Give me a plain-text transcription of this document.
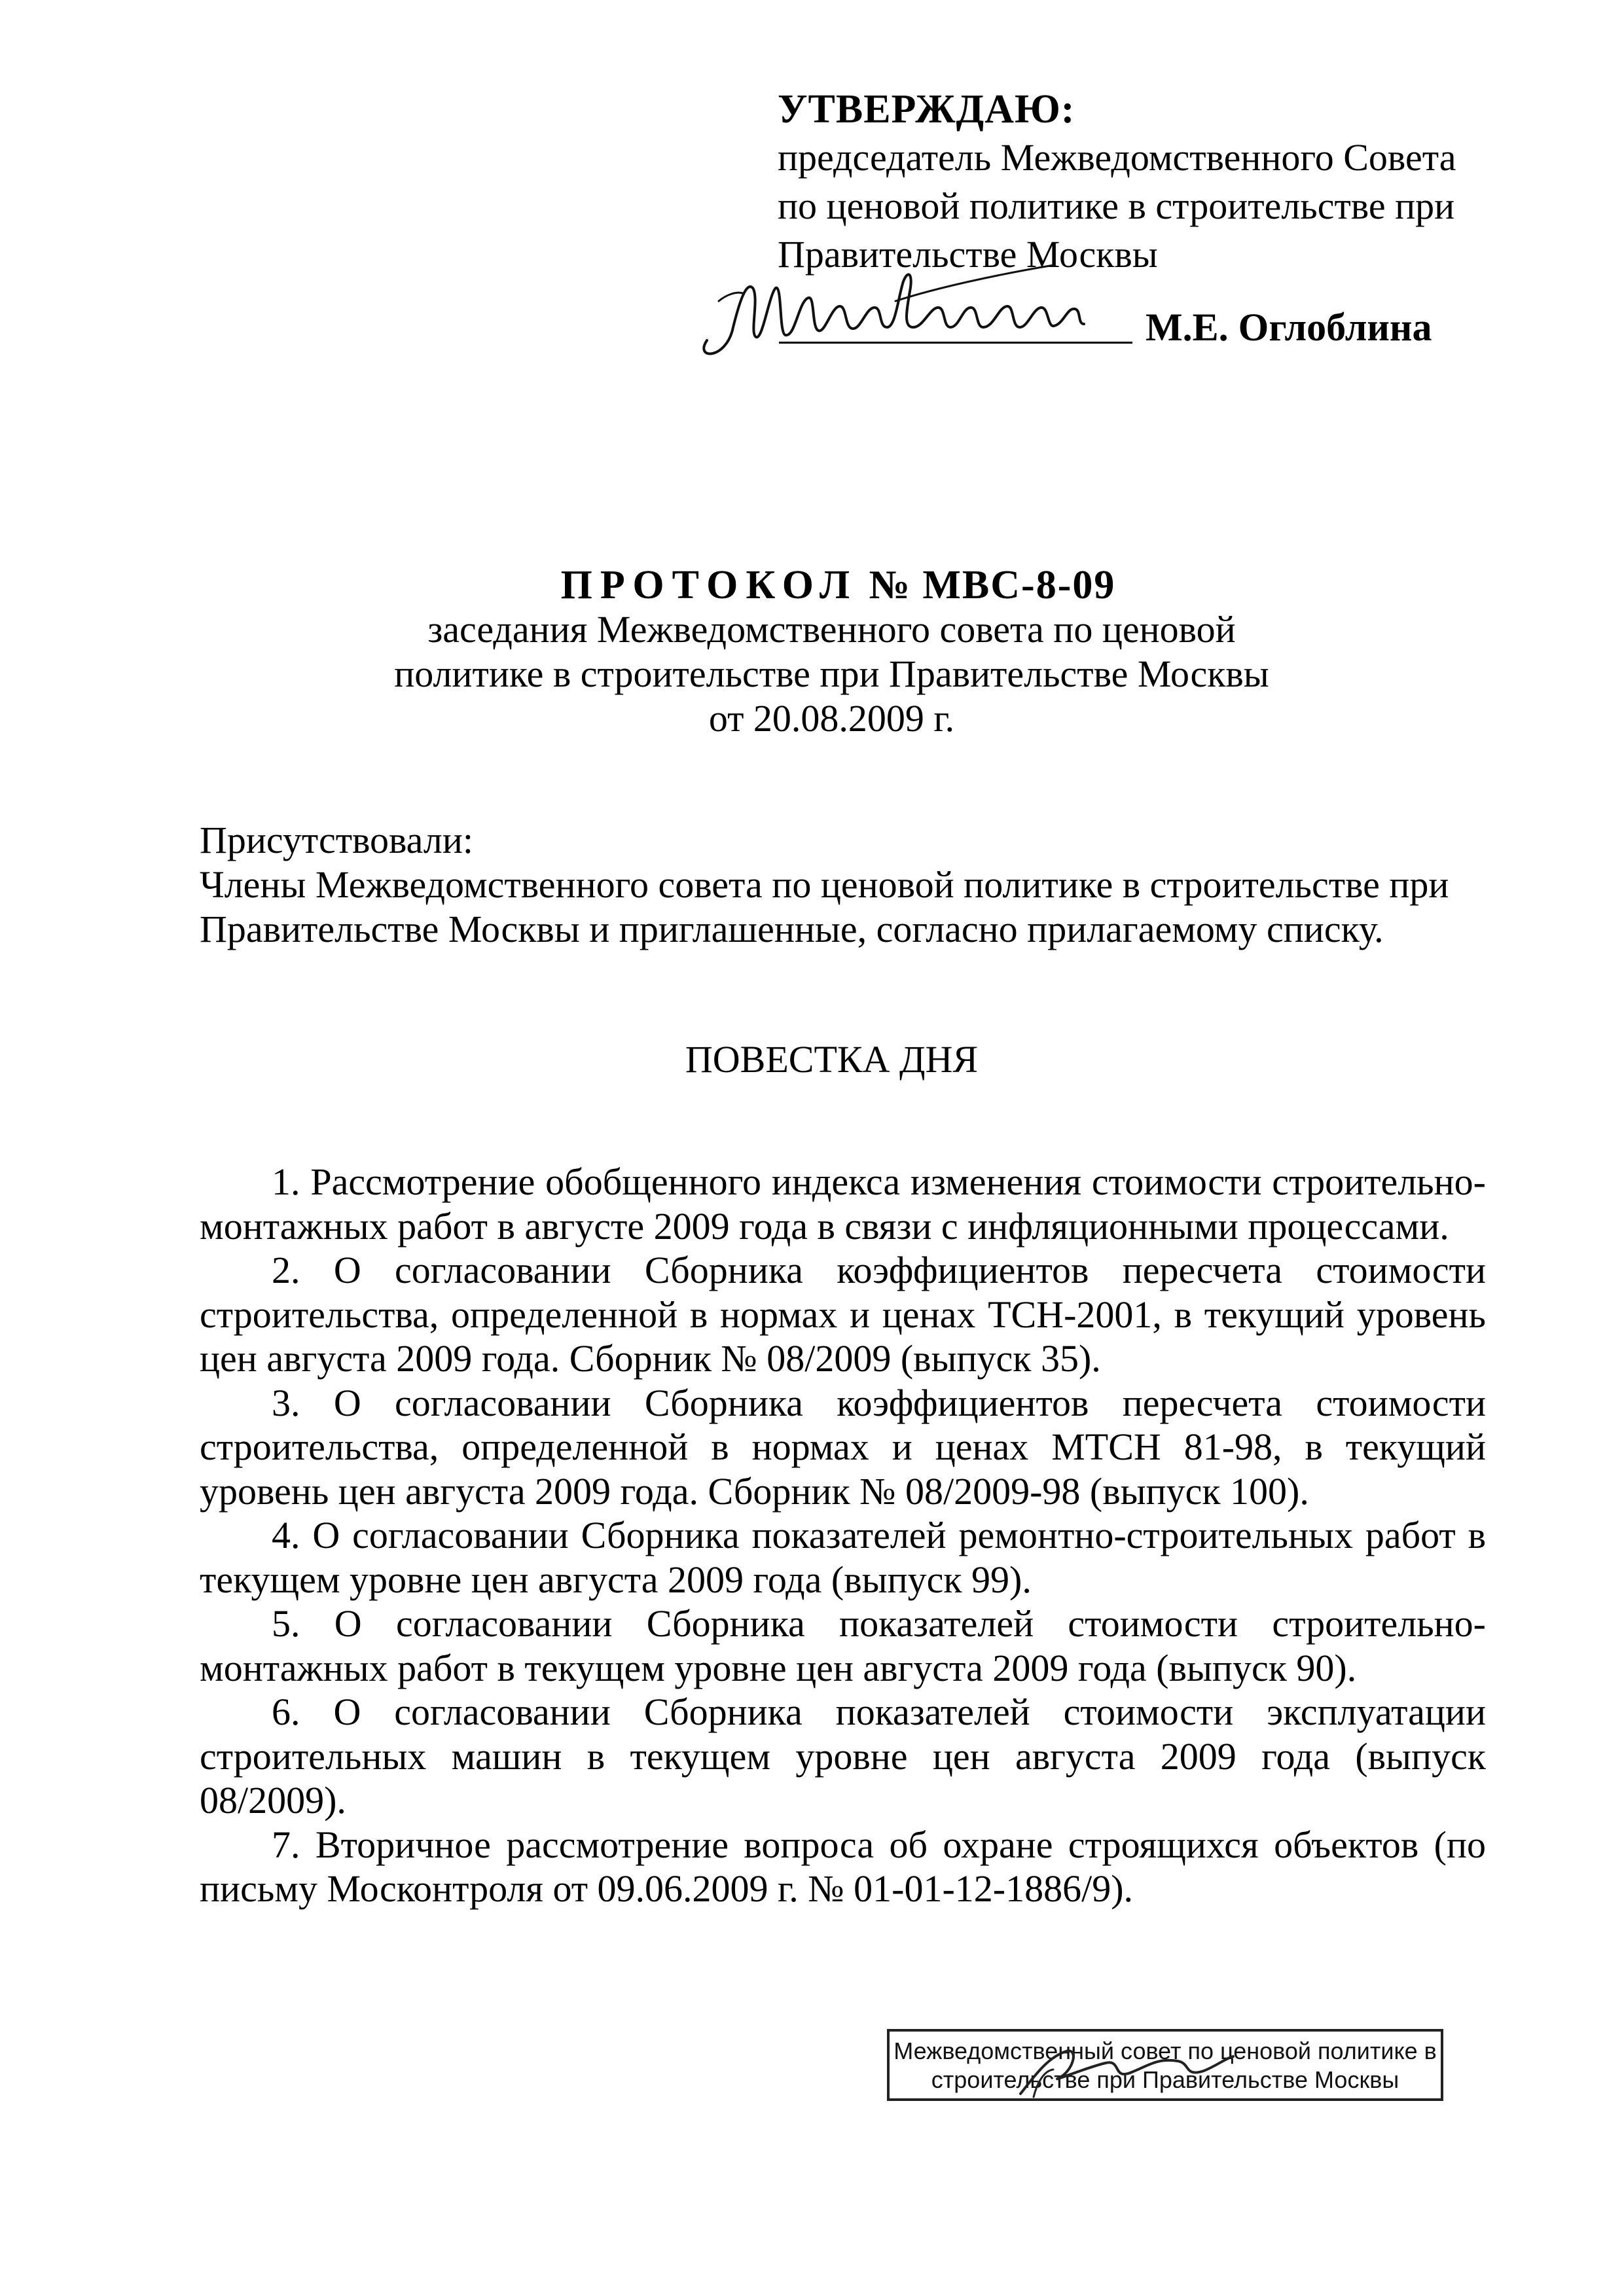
УТВЕРЖДАЮ:
председатель Межведомственного Совета
по ценовой политике в строительстве при
Правительстве Москвы
М.Е. Оглоблина
ПРОТОКОЛ № МВС-8-09
заседания Межведомственного совета по ценовой
политике в строительстве при Правительстве Москвы
от 20.08.2009 г.
Присутствовали:
Члены Межведомственного совета по ценовой политике в строительстве при
Правительстве Москвы и приглашенные, согласно прилагаемому списку.
ПОВЕСТКА ДНЯ

1. Рассмотрение обобщенного индекса изменения стоимости строительно-монтажных работ в августе 2009 года в связи с инфляционными процессами.

2. О согласовании Сборника коэффициентов пересчета стоимости строительства, определенной в нормах и ценах ТСН-2001, в текущий уровень цен августа 2009 года. Сборник № 08/2009 (выпуск 35).

3. О согласовании Сборника коэффициентов пересчета стоимости строительства, определенной в нормах и ценах МТСН 81-98, в текущий уровень цен августа 2009 года. Сборник № 08/2009-98 (выпуск 100).

4. О согласовании Сборника показателей ремонтно-строительных работ в текущем уровне цен августа 2009 года (выпуск 99).

5. О согласовании Сборника показателей стоимости строительно-монтажных работ в текущем уровне цен августа 2009 года (выпуск 90).

6. О согласовании Сборника показателей стоимости эксплуатации строительных машин в текущем уровне цен августа 2009 года (выпуск 08/2009).

7. Вторичное рассмотрение вопроса об охране строящихся объектов (по письму Москонтроля от 09.06.2009 г. № 01-01-12-1886/9).

Межведомственный совет по ценовой политике в
строительстве при Правительстве Москвы
